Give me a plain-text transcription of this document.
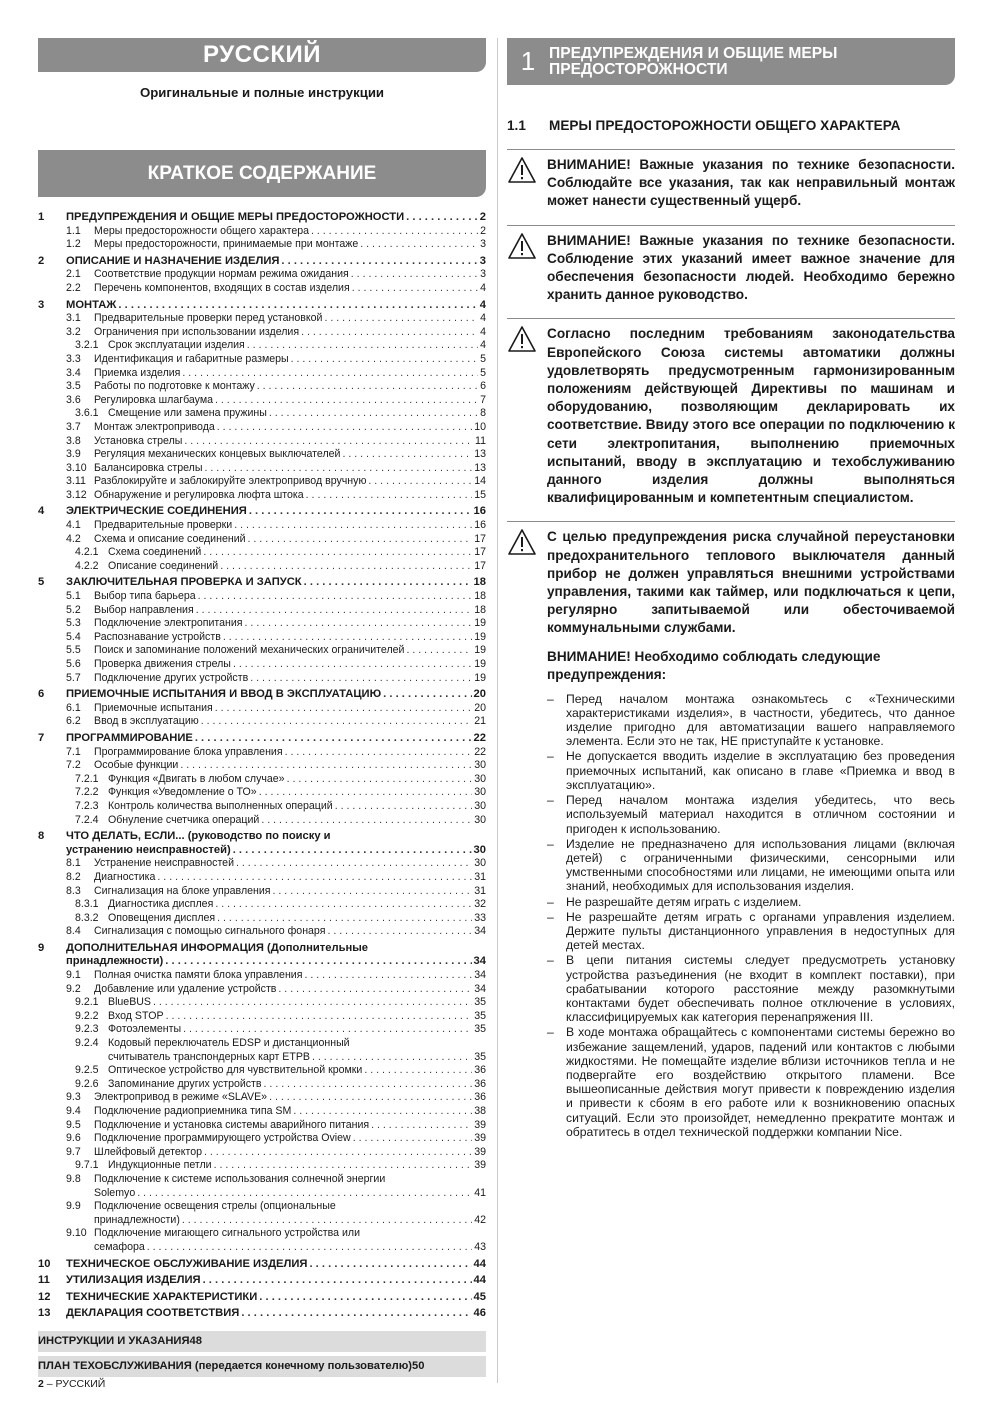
РУССКИЙ
Оригинальные и полные инструкции
КРАТКОЕ СОДЕРЖАНИЕ
1	ПРЕДУПРЕЖДЕНИЯ И ОБЩИЕ МЕРЫ ПРЕДОСТОРОЖНОСТИ . . .	2
1.1	Меры предосторожности общего характера . . .	2
1.2	Меры предосторожности, принимаемые при монтаже . . .	3
2	ОПИСАНИЕ И НАЗНАЧЕНИЕ ИЗДЕЛИЯ . . .	3
2.1	Соответствие продукции нормам режима ожидания . . .	3
2.2	Перечень компонентов, входящих в состав изделия . . .	4
3	МОНТАЖ . . .	4
3.1	Предварительные проверки перед установкой . . .	4
3.2	Ограничения при использовании изделия . . .	4
3.2.1 Срок эксплуатации изделия . . .	4
3.3	Идентификация и габаритные размеры . . .	5
3.4	Приемка изделия . . .	5
3.5	Работы по подготовке к монтажу . . .	6
3.6	Регулировка шлагбаума . . .	7
3.6.1 Смещение или замена пружины . . .	8
3.7	Монтаж электропривода . . .	10
3.8	Установка стрелы . . .	11
3.9	Регуляция механических концевых выключателей . . .	13
3.10 Балансировка стрелы . . .	13
3.11 Разблокируйте и заблокируйте электропривод вручную . . .	14
3.12 Обнаружение и регулировка люфта штока . . .	15
4	ЭЛЕКТРИЧЕСКИЕ СОЕДИНЕНИЯ . . .	16
4.1	Предварительные проверки . . .	16
4.2	Схема и описание соединений . . .	17
4.2.1 Схема соединений . . .	17
4.2.2 Описание соединений . . .	17
5	ЗАКЛЮЧИТЕЛЬНАЯ ПРОВЕРКА И ЗАПУСК . . .	18
5.1	Выбор типа барьера . . .	18
5.2	Выбор направления . . .	18
5.3	Подключение электропитания . . .	19
5.4	Распознавание устройств . . .	19
5.5	Поиск и запоминание положений механических ограничителей . . .	19
5.6	Проверка движения стрелы . . .	19
5.7	Подключение других устройств . . .	19
6	ПРИЕМОЧНЫЕ ИСПЫТАНИЯ И ВВОД В ЭКСПЛУАТАЦИЮ . . .	20
6.1	Приемочные испытания . . .	20
6.2	Ввод в эксплуатацию . . .	21
7	ПРОГРАММИРОВАНИЕ . . .	22
7.1	Программирование блока управления . . .	22
7.2	Особые функции . . .	30
7.2.1 Функция «Двигать в любом случае» . . .	30
7.2.2 Функция «Уведомление о ТО» . . .	30
7.2.3 Контроль количества выполненных операций . . .	30
7.2.4 Обнуление счетчика операций . . .	30
8	ЧТО ДЕЛАТЬ, ЕСЛИ... (руководство по поиску и
устранению неисправностей) . . .	30
8.1	Устранение неисправностей . . .	30
8.2	Диагностика . . .	31
8.3	Сигнализация на блоке управления . . .	31
8.3.1 Диагностика дисплея . . .	32
8.3.2 Оповещения дисплея . . .	33
8.4	Сигнализация с помощью сигнального фонаря . . .	34
9	ДОПОЛНИТЕЛЬНАЯ ИНФОРМАЦИЯ (Дополнительные
принадлежности) . . .	34
9.1	Полная очистка памяти блока управления . . .	34
9.2	Добавление или удаление устройств . . .	34
9.2.1 BlueBUS . . .	35
9.2.2 Вход STOP . . .	35
9.2.3 Фотоэлементы . . .	35
9.2.4 Кодовый переключатель EDSP и дистанционный
считыватель транспондерных карт ETPB . . .	35
9.2.5 Оптическое устройство для чувствительной кромки . . .	36
9.2.6 Запоминание других устройств . . .	36
9.3	Электропривод в режиме «SLAVE» . . .	36
9.4	Подключение радиоприемника типа SM . . .	38
9.5	Подключение и установка системы аварийного питания . . .	39
9.6	Подключение программирующего устройства Oview . . .	39
9.7	Шлейфовый детектор . . .	39
9.7.1 Индукционные петли . . .	39
9.8	Подключение к системе использования солнечной энергии
Solemyo . . .	41
9.9	Подключение освещения стрелы (опциональные
принадлежности) . . .	42
9.10 Подключение мигающего сигнального устройства или
семафора . . .	43
10	ТЕХНИЧЕСКОЕ ОБСЛУЖИВАНИЕ ИЗДЕЛИЯ . . .	44
11	УТИЛИЗАЦИЯ ИЗДЕЛИЯ . . .	44
12	ТЕХНИЧЕСКИЕ ХАРАКТЕРИСТИКИ . . .	45
13	ДЕКЛАРАЦИЯ СООТВЕТСТВИЯ . . .	46
ИНСТРУКЦИИ И УКАЗАНИЯ 48
ПЛАН ТЕХОБСЛУЖИВАНИЯ (передается конечному пользователю) 50
2 – РУССКИЙ
1 ПРЕДУПРЕЖДЕНИЯ И ОБЩИЕ МЕРЫ
ПРЕДОСТОРОЖНОСТИ
1.1	МЕРЫ ПРЕДОСТОРОЖНОСТИ ОБЩЕГО ХАРАКТЕРА
ВНИМАНИЕ! Важные указания по технике безопасности. Соблюдайте все указания, так как неправильный монтаж может нанести существенный ущерб.
ВНИМАНИЕ! Важные указания по технике безопасности. Соблюдение этих указаний имеет важное значение для обеспечения безопасности людей. Необходимо бережно хранить данное руководство.
Согласно последним требованиям законодательства Европейского Союза системы автоматики должны удовлетворять предусмотренным гармонизированным положениям действующей Директивы по машинам и оборудованию, позволяющим декларировать их соответствие. Ввиду этого все операции по подключению к сети электропитания, выполнению приемочных испытаний, вводу в эксплуатацию и техобслуживанию данного изделия должны выполняться квалифицированным и компетентным специалистом.
С целью предупреждения риска случайной переустановки предохранительного теплового выключателя данный прибор не должен управляться внешними устройствами управления, такими как таймер, или подключаться к цепи, регулярно запитываемой или обесточиваемой коммунальными службами.
ВНИМАНИЕ! Необходимо соблюдать следующие предупреждения:
–	Перед началом монтажа ознакомьтесь с «Техническими характеристиками изделия», в частности, убедитесь, что данное изделие пригодно для автоматизации вашего направляемого элемента. Если это не так, НЕ приступайте к установке.
–	Не допускается вводить изделие в эксплуатацию без проведения приемочных испытаний, как описано в главе «Приемка и ввод в эксплуатацию».
–	Перед началом монтажа изделия убедитесь, что весь используемый материал находится в отличном состоянии и пригоден к использованию.
–	Изделие не предназначено для использования лицами (включая детей) с ограниченными физическими, сенсорными или умственными способностями или лицами, не имеющими опыта или знаний, необходимых для использования изделия.
–	Не разрешайте детям играть с изделием.
–	Не разрешайте детям играть с органами управления изделием. Держите пульты дистанционного управления в недоступных для детей местах.
–	В цепи питания системы следует предусмотреть установку устройства разъединения (не входит в комплект поставки), при срабатывании которого расстояние между разомкнутыми контактами будет обеспечивать полное отключение в условиях, классифицируемых как категория перенапряжения III.
–	В ходе монтажа обращайтесь с компонентами системы бережно во избежание защемлений, ударов, падений или контактов с любыми жидкостями. Не помещайте изделие вблизи источников тепла и не подвергайте его воздействию открытого пламени. Все вышеописанные действия могут привести к повреждению изделия и привести к сбоям в его работе или к возникновению опасных ситуаций. Если это произойдет, немедленно прекратите монтаж и обратитесь в отдел технической поддержки компании Nice.
